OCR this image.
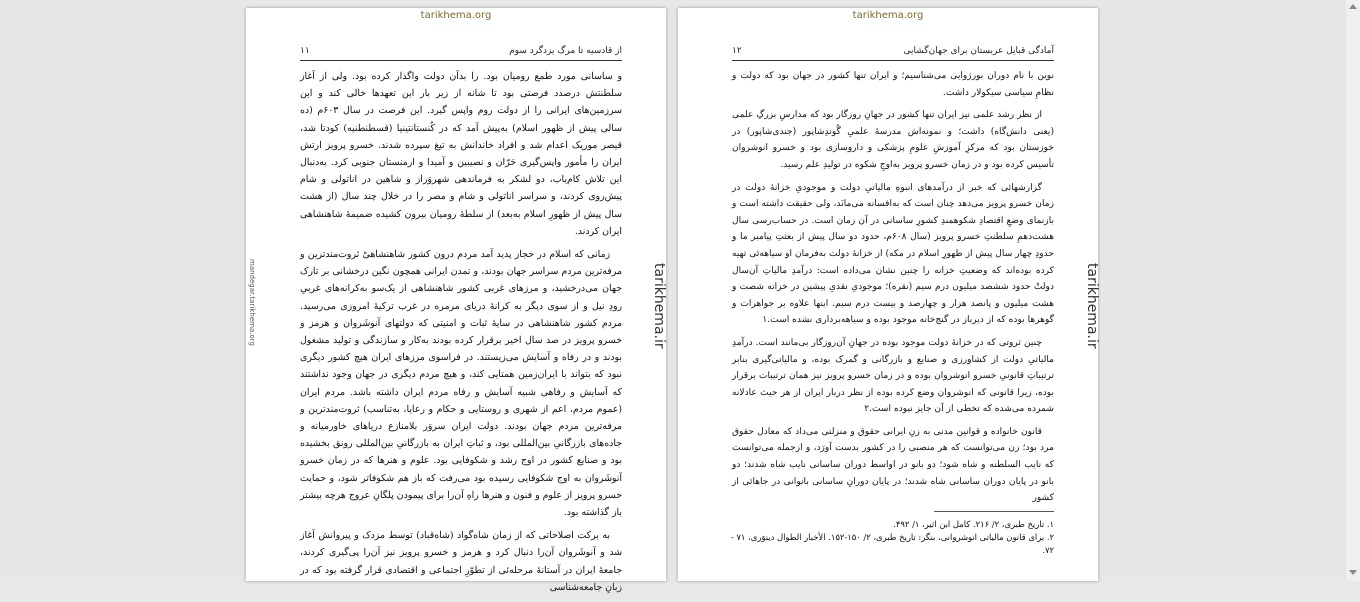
tarikhema.org
از قادسیه تا مرگ یزدگرد سوم
۱۱

و ساسانی مورد طمع رومیان بود. را بدآن دولت واگذار کرده بود. ولی از آغاز سلطنتش درصدد فرصتی بود تا شانه از زیر بار این تعهدها خالی کند و این سرزمین‌های ایرانی را از دولت روم واپس گیرد. این فرصت در سال ۶۰۳م (ده سالی پیش از ظهور اسلام) به‌پیش آمد که در کُنستانتینیا (قسطنطنیه) کودتا شد، قیصر موریک اعدام شد و افراد خاندانش به تیغ سپرده شدند. خسرو پرویز ارتش ایران را مأمور واپس‌گیری حَرّان و نصیبین و آمیدا و ارمنستان جنوبی کرد. به‌دنبال این تلاش کام‌یاب، دو لشکر به فرماندهی شهروَراز و شاهین در اناتولی و شام پیش‌روی کردند، و سراسر اناتولی و شام و مصر را در خلال چند سال (از هشت سال پیش از ظهورِ اسلام به‌بعد) از سلطهٔ رومیان بیرون کشیده ضمیمهٔ شاهنشاهی ایران کردند.

زمانی که اسلام در حجاز پدید آمد مردم درون کشور شاهنشاهیْ ثروت‌مندترین و مرفه‌ترین مردم سراسر جهان بودند، و تمدن ایرانی همچون نگین درخشانی بر تارک جهان می‌درخشید، و مرزهای غربی کشور شاهنشاهی از یک‌سو به‌کرانه‌های غربیِ رودِ نیل و از سوی دیگر به کرانهٔ دریای مرمره در غرب ترکیهٔ امروزی می‌رسید. مردم کشور شاهنشاهی در سایهٔ ثبات و امنیتی که دولتهای آنوشَروان و هرمز و خسرو پرویز در صد سال اخیر برقرار کرده بودند به‌کار و سازندگی و تولید مشغول بودند و در رفاه و آسایش می‌زیستند. در فراسوی مرزهای ایران هیچ کشور دیگری نبود که بتواند با ایران‌زمین همتایی کند، و هیچ مردم دیگری در جهان وجود نداشتند که آسایش و رفاهی شبیه آسایش و رفاه مردم ایران داشته باشد. مردم ایران (عموم مردم، اعم از شهری و روستایی و حکام و رعایا، به‌تناسب) ثروت‌مندترین و مرفه‌ترین مردم جهان بودند. دولت ایران سروَر بلامنازع دریاهای خاورمیانه و جاده‌های بازرگانیِ بین‌المللی بود، و ثباتِ ایران به بازرگانیِ بین‌المللی رونق بخشیده بود و صنایع کشور در اوج رشد و شکوفایی بود. علوم و هنرها که در زمان خسرو آنوشَروان به اوج شکوفایی رسیده بود می‌رفت که باز هم شکوفاتر شود، و حمایت خسرو پرویز از علوم و فنون و هنرها راهِ آن‌را برای پیمودن پلگانِ عروج هرچه بیشتر باز گذاشته بود.

به برکت اصلاحاتی که از زمان شاه‌گواد (شاه‌قباد) توسط مزدک و پیروانش آغاز شد و آنوشَروان آن‌را دنبال کرد و هرمز و خسرو پرویز نیز آن‌را پی‌گیری کردند، جامعهٔ ایران در آستانهٔ مرحله‌ئی از تطوّرِ اجتماعی و اقتصادی قرار گرفته بود که در زبانِ جامعه‌شناسی

mandegar.tarikhema.org	tarikhema.ir
tarikhema.org
آمادگی قبایل عربستان برای جهان‌گشایی
۱۲

نوین با نام دوران بورژوایی می‌شناسیم؛ و ایران تنها کشور در جهان بود که دولت و نظامِ سیاسی سیکولار داشت.

از نظر رشد علمی نیز ایران تنها کشور در جهانِ روزگار بود که مدارسِ بزرگِ علمی (یعنی دانش‌گاه) داشت؛ و نمونه‌اش مدرسهٔ علمیِ گُوندِشاپور (جندی‌شاپور) در خوزستان بود که مرکزِ آموزشِ علومِ پزشکی و داروسازی بود و خسرو انوشروان تأسیس کرده بود و در زمان خسرو پرویز به‌اوجِ شکوه در تولیدِ علم رسید.

گزارشهائی که خبر از درآمدهای انبوهِ مالیاتیِ دولت و موجودیِ خزانهٔ دولت در زمان خسرو پرویز می‌دهد چنان است که به‌افسانه می‌مانَد، ولی حقیقت داشته است و بازنمای وضعِ اقتصادِ شکوهمندِ کشورِ ساسانی در آن زمان است. در حساب‌رسی سال هشت‌دهمِ سلطنتِ خسرو پرویز (سال ۶۰۸م، حدود دو سال پیش از بعثتِ پیامبر ما و حدودِ چهار سال پیش از ظهورِ اسلام در مکه) از خزانهٔ دولت به‌فرمان او سیاهه‌ئی تهیه کرده بوده‌اند که وضعیتِ خزانه را چنین نشان می‌داده است: درآمدِ مالیاتِ آن‌سال دولتْ حدود ششصد میلیون درم سیم (نقره)؛ موجودیِ نقدیِ پیشین در خزانه شصت و هشت میلیون و پانصد هزار و چهارصد و بیست درم سیم. اینها علاوه بر جواهرات و گوهرها بوده که از دیرباز در گنج‌خانه موجود بوده و سیاهه‌برداری نشده است.۱

چنین ثروتی که در خزانهٔ دولت موجود بوده در جهانِ آن‌روزگار بی‌مانند است. درآمدِ مالیاتیِ دولت از کشاورزی و صنایع و بازرگانی و گمرک بوده، و مالیاتی‌گیری بنابر ترتیباتِ قانونیِ خسرو انوشروان بوده و در زمان خسرو پرویز نیز همان ترتیبات برقرار بوده، زیرا قانونی که انوشروان وضع کرده بوده از نظر دربار ایران از هر حیث عادلانه شمرده می‌شده که تخطی از آن جایز نبوده است.۲

قانون خانواده و قوانین مدنی به زنِ ایرانی حقوق و منزلتی می‌داد که معادل حقوق مرد بود؛ زن می‌توانست که هر منصبی را در کشور بدست آورَد، و ازجمله می‌توانست که نایب السلطنه و شاه شود؛ دو بانو در اواسط دوران ساسانی نایب شاه شدند؛ دو بانو در پایان دوران ساسانی شاه شدند؛ در پایان دورانِ ساسانی بانوانی در جاهائی از کشور

۱. تاریخ طبری، ۲/ ۲۱۶. کامل ابن اثیر، ۱/ ۴۹۲.
۲. برای قانون مالیاتی انوشروانی، بنگر: تاریخ طبری، ۲/ ۱۵۰-۱۵۲. الأخبار الطوال دینوَری، ۷۱ - ۷۲.
tarikhema.ir
